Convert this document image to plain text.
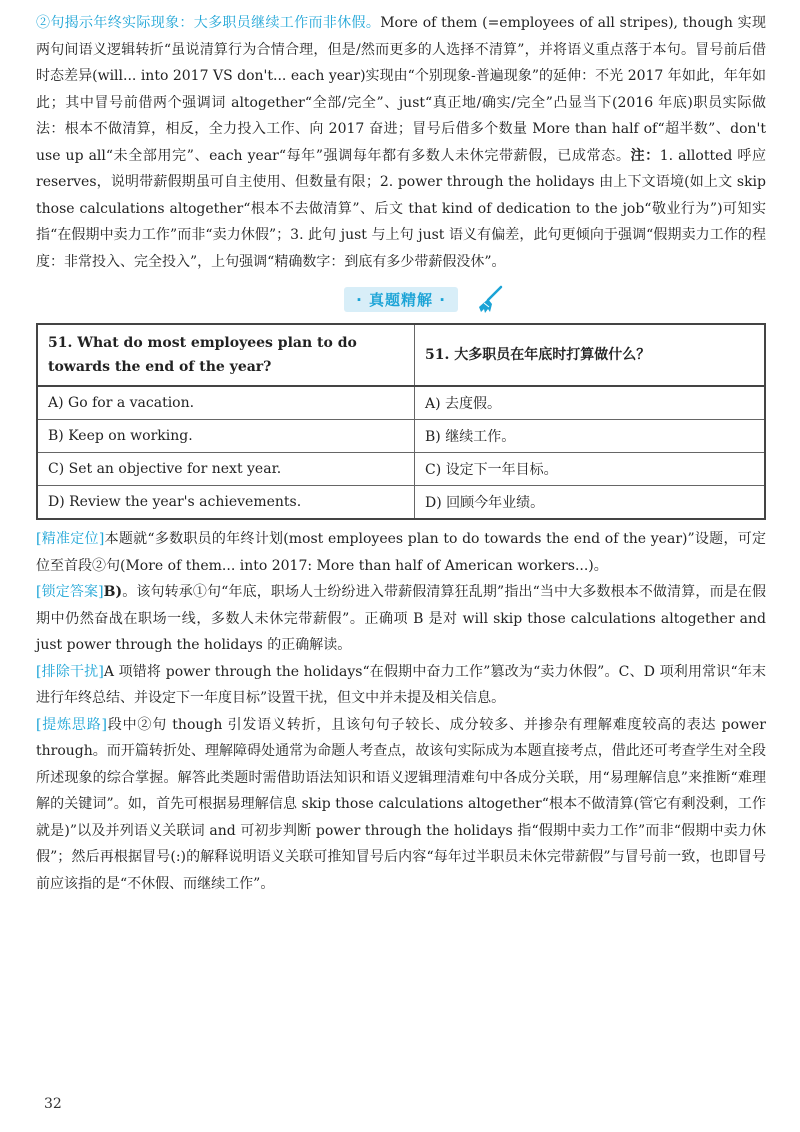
②句揭示年终实际现象：大多职员继续工作而非休假。More of them (=employees of all stripes), though 实现两句间语义逻辑转折“虽说清算行为合情合理，但是/然而更多的人选择不清算”，并将语义重点落于本句。冒号前后借时态差异(will... into 2017 VS don't... each year)实现由“个别现象-普遍现象”的延伸：不光 2017 年如此，年年如此；其中冒号前借两个强调词 altogether“全部/完全”、just“真正地/确实/完全”凸显当下(2016 年底)职员实际做法：根本不做清算，相反，全力投入工作、向 2017 奋进；冒号后借多个数量 More than half of“超半数”、don't use up all“未全部用完”、each year“每年”强调每年都有多数人未休完带薪假，已成常态。注：1. allotted 呼应 reserves，说明带薪假期虽可自主使用、但数量有限；2. power through the holidays 由上下文语境(如上文 skip those calculations altogether“根本不去做清算”、后文 that kind of dedication to the job“敬业行为”)可知实指“在假期中卖力工作”而非“卖力休假”；3. 此句 just 与上句 just 语义有偏差，此句更倾向于强调“假期卖力工作的程度：非常投入、完全投入”，上句强调“精确数字：到底有多少带薪假没休”。

· 真题精解 ·
51. What do most employees plan to do towards the end of the year?	51. 大多职员在年底时打算做什么？
A) Go for a vacation.	A) 去度假。
B) Keep on working.	B) 继续工作。
C) Set an objective for next year.	C) 设定下一年目标。
D) Review the year's achievements.	D) 回顾今年业绩。

[精准定位]本题就“多数职员的年终计划(most employees plan to do towards the end of the year)”设题，可定位至首段②句(More of them... into 2017: More than half of American workers...)。

[锁定答案]B)。该句转承①句“年底，职场人士纷纷进入带薪假清算狂乱期”指出“当中大多数根本不做清算，而是在假期中仍然奋战在职场一线，多数人未休完带薪假”。正确项 B 是对 will skip those calculations altogether and just power through the holidays 的正确解读。

[排除干扰]A 项错将 power through the holidays“在假期中奋力工作”篡改为“卖力休假”。C、D 项利用常识“年末进行年终总结、并设定下一年度目标”设置干扰，但文中并未提及相关信息。

[提炼思路]段中②句 though 引发语义转折，且该句句子较长、成分较多、并掺杂有理解难度较高的表达 power through。而开篇转折处、理解障碍处通常为命题人考查点，故该句实际成为本题直接考点，借此还可考查学生对全段所述现象的综合掌握。解答此类题时需借助语法知识和语义逻辑理清难句中各成分关联，用“易理解信息”来推断“难理解的关键词”。如，首先可根据易理解信息 skip those calculations altogether“根本不做清算(管它有剩没剩，工作就是)”以及并列语义关联词 and 可初步判断 power through the holidays 指“假期中卖力工作”而非“假期中卖力休假”；然后再根据冒号(:)的解释说明语义关联可推知冒号后内容“每年过半职员未休完带薪假”与冒号前一致，也即冒号前应该指的是“不休假、而继续工作”。

32
